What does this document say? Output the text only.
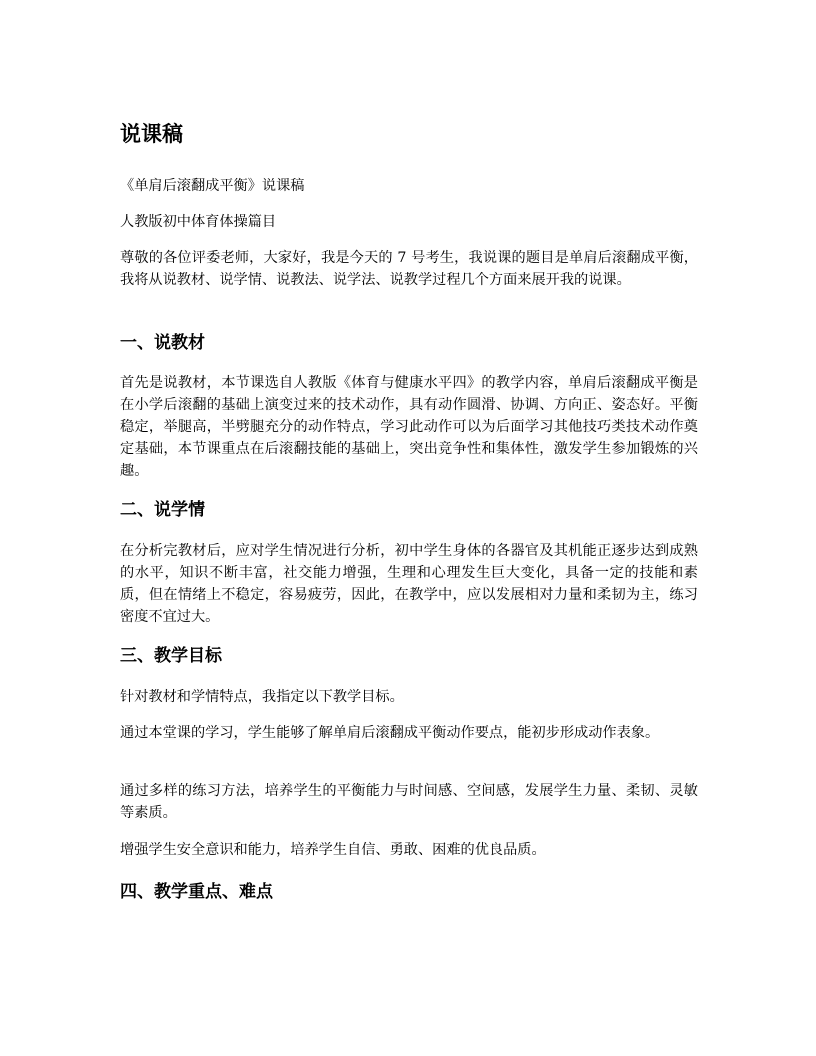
说课稿

《单肩后滚翻成平衡》说课稿

人教版初中体育体操篇目

尊敬的各位评委老师，大家好，我是今天的 7 号考生，我说课的题目是单肩后滚翻成平衡，我将从说教材、说学情、说教法、说学法、说教学过程几个方面来展开我的说课。

一、说教材

首先是说教材，本节课选自人教版《体育与健康水平四》的教学内容，单肩后滚翻成平衡是在小学后滚翻的基础上演变过来的技术动作，具有动作圆滑、协调、方向正、姿态好。平衡稳定，举腿高，半劈腿充分的动作特点，学习此动作可以为后面学习其他技巧类技术动作奠定基础，本节课重点在后滚翻技能的基础上，突出竞争性和集体性，激发学生参加锻炼的兴趣。

二、说学情

在分析完教材后，应对学生情况进行分析，初中学生身体的各器官及其机能正逐步达到成熟的水平，知识不断丰富，社交能力增强，生理和心理发生巨大变化，具备一定的技能和素质，但在情绪上不稳定，容易疲劳，因此，在教学中，应以发展相对力量和柔韧为主，练习密度不宜过大。

三、教学目标

针对教材和学情特点，我指定以下教学目标。

通过本堂课的学习，学生能够了解单肩后滚翻成平衡动作要点，能初步形成动作表象。

通过多样的练习方法，培养学生的平衡能力与时间感、空间感，发展学生力量、柔韧、灵敏等素质。

增强学生安全意识和能力，培养学生自信、勇敢、困难的优良品质。

四、教学重点、难点
